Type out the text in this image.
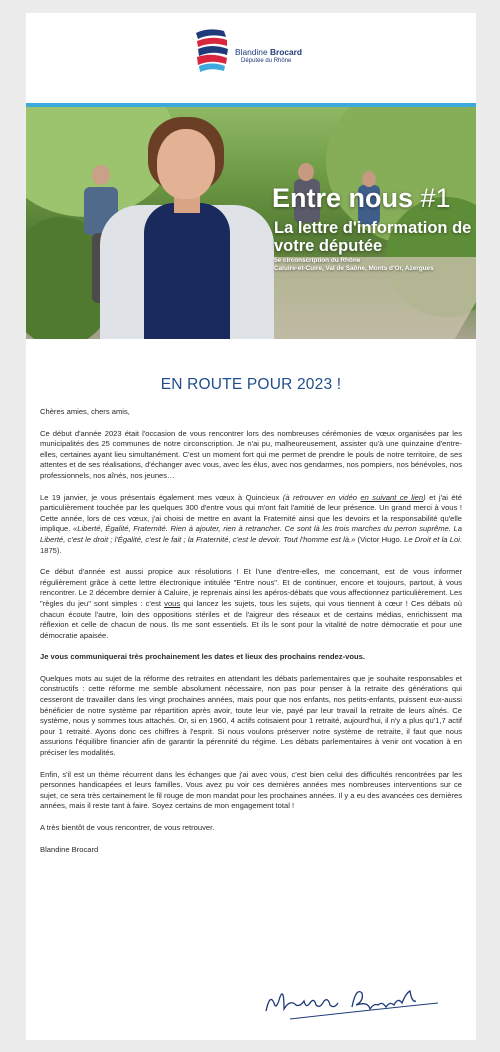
Blandine Brocard
Députée du Rhône
Entre nous #1
La lettre d'information de votre députée
5e circonscription du Rhône
Caluire-et-Cuire, Val de Saône, Monts d'Or, Azergues
EN ROUTE POUR 2023 !

Chères amies, chers amis,

Ce début d'année 2023 était l'occasion de vous rencontrer lors des nombreuses cérémonies de vœux organisées par les municipalités des 25 communes de notre circonscription. Je n'ai pu, malheureusement, assister qu'à une quinzaine d'entre-elles, certaines ayant lieu simultanément. C'est un moment fort qui me permet de prendre le pouls de notre territoire, de ses attentes et de ses réalisations, d'échanger avec vous, avec les élus, avec nos gendarmes, nos pompiers, nos bénévoles, nos professionnels, nos aînés, nos jeunes…

Le 19 janvier, je vous présentais également mes vœux à Quincieux (à retrouver en vidéo en suivant ce lien) et j'ai été particulièrement touchée par les quelques 300 d'entre vous qui m'ont fait l'amitié de leur présence. Un grand merci à vous ! Cette année, lors de ces vœux, j'ai choisi de mettre en avant la Fraternité ainsi que les devoirs et la responsabilité qu'elle implique. «Liberté, Égalité, Fraternité. Rien à ajouter, rien à retrancher. Ce sont là les trois marches du perron suprême. La Liberté, c'est le droit ; l'Égalité, c'est le fait ; la Fraternité, c'est le devoir. Tout l'homme est là.» (Victor Hugo. Le Droit et la Loi. 1875).

Ce début d'année est aussi propice aux résolutions ! Et l'une d'entre-elles, me concernant, est de vous informer régulièrement grâce à cette lettre électronique intitulée "Entre nous". Et de continuer, encore et toujours, partout, à vous rencontrer. Le 2 décembre dernier à Caluire, je reprenais ainsi les apéros-débats que vous affectionnez particulièrement. Les "règles du jeu" sont simples : c'est vous qui lancez les sujets, tous les sujets, qui vous tiennent à cœur ! Ces débats où chacun écoute l'autre, loin des oppositions stériles et de l'aigreur des réseaux et de certains médias, enrichissent ma réflexion et celle de chacun de nous. Ils me sont essentiels. Et ils le sont pour la vitalité de notre démocratie et pour une démocratie apaisée.

Je vous communiquerai très prochainement les dates et lieux des prochains rendez-vous.

Quelques mots au sujet de la réforme des retraites en attendant les débats parlementaires que je souhaite responsables et constructifs : cette réforme me semble absolument nécessaire, non pas pour penser à la retraite des générations qui cesseront de travailler dans les vingt prochaines années, mais pour que nos enfants, nos petits-enfants, puissent eux-aussi bénéficier de notre système par répartition après avoir, toute leur vie, payé par leur travail la retraite de leurs aînés. Ce système, nous y sommes tous attachés. Or, si en 1960, 4 actifs cotisaient pour 1 retraité, aujourd'hui, il n'y a plus qu'1,7 actif pour 1 retraité. Ayons donc ces chiffres à l'esprit. Si nous voulons préserver notre système de retraite, il faut que nous assurions l'équilibre financier afin de garantir la pérennité du régime. Les débats parlementaires à venir ont vocation à en préciser les modalités.

Enfin, s'il est un thème récurrent dans les échanges que j'ai avec vous, c'est bien celui des difficultés rencontrées par les personnes handicapées et leurs familles. Vous avez pu voir ces dernières années mes nombreuses interventions sur ce sujet, ce sera très certainement le fil rouge de mon mandat pour les prochaines années. Il y a eu des avancées ces dernières années, mais il reste tant à faire. Soyez certains de mon engagement total !

A très bientôt de vous rencontrer, de vous retrouver.

Blandine Brocard
